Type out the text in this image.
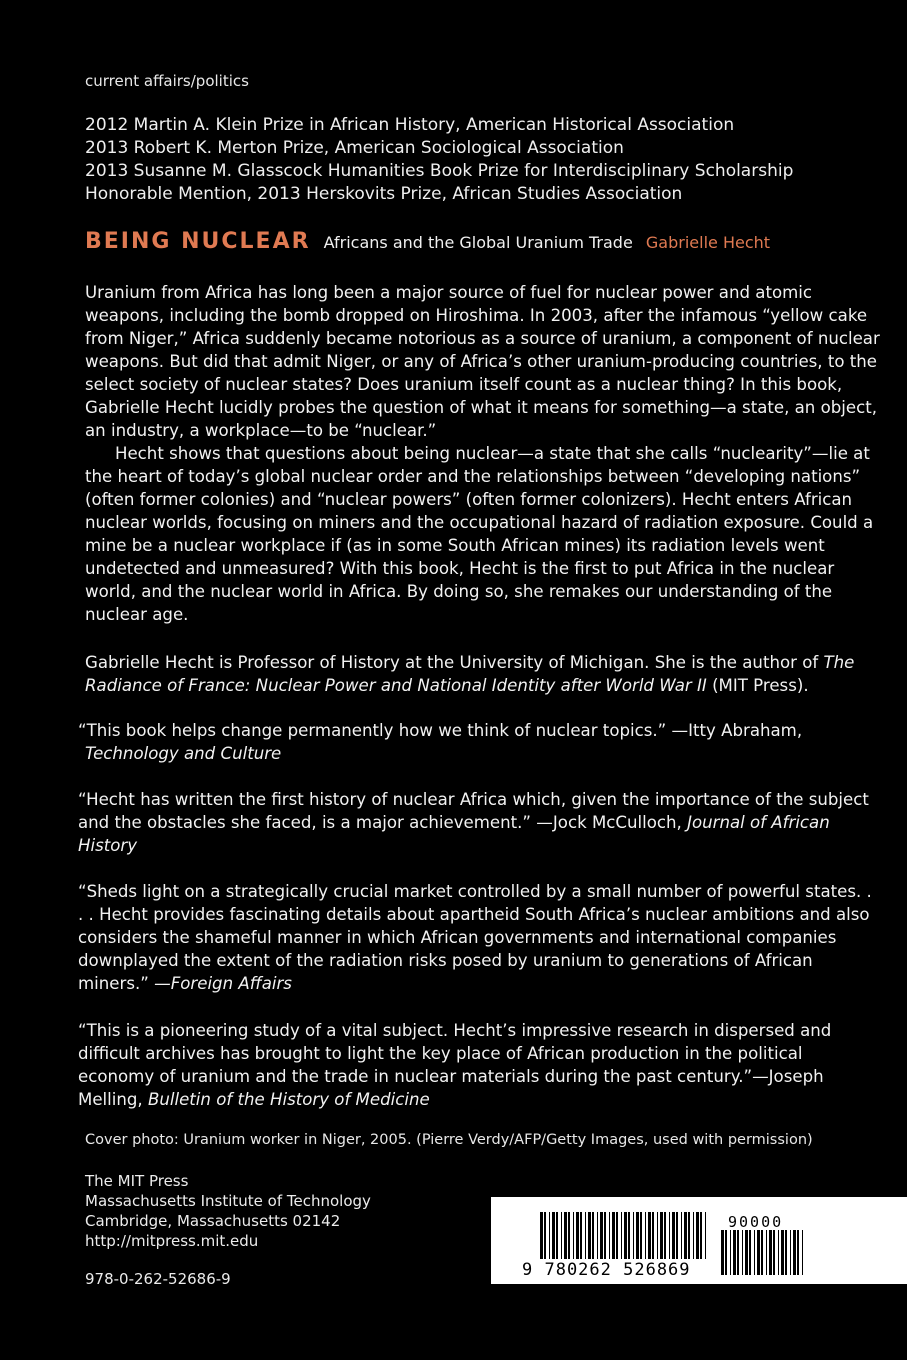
current affairs/politics
2012 Martin A. Klein Prize in African History, American Historical Association
2013 Robert K. Merton Prize, American Sociological Association
2013 Susanne M. Glasscock Humanities Book Prize for Interdisciplinary Scholarship
Honorable Mention, 2013 Herskovits Prize, African Studies Association
BEING NUCLEAR Africans and the Global Uranium Trade Gabrielle Hecht

Uranium from Africa has long been a major source of fuel for nuclear power and atomic weapons, including the bomb dropped on Hiroshima. In 2003, after the infamous “yellow cake from Niger,” Africa suddenly became notorious as a source of uranium, a component of nuclear weapons. But did that admit Niger, or any of Africa’s other uranium-producing countries, to the select society of nuclear states? Does uranium itself count as a nuclear thing? In this book, Gabrielle Hecht lucidly probes the question of what it means for something—a state, an object, an industry, a workplace—to be “nuclear.”

Hecht shows that questions about being nuclear—a state that she calls “nuclearity”—lie at the heart of today’s global nuclear order and the relationships between “developing nations” (often former colonies) and “nuclear powers” (often former colonizers). Hecht enters African nuclear worlds, focusing on miners and the occupational hazard of radiation exposure. Could a mine be a nuclear workplace if (as in some South African mines) its radiation levels went undetected and unmeasured? With this book, Hecht is the first to put Africa in the nuclear world, and the nuclear world in Africa. By doing so, she remakes our understanding of the nuclear age.

Gabrielle Hecht is Professor of History at the University of Michigan. She is the author of The Radiance of France: Nuclear Power and National Identity after World War II (MIT Press).
“This book helps change permanently how we think of nuclear topics.” —Itty Abraham, Technology and Culture
“Hecht has written the first history of nuclear Africa which, given the importance of the subject and the obstacles she faced, is a major achievement.” —Jock McCulloch, Journal of African History
“Sheds light on a strategically crucial market controlled by a small number of powerful states. . . . Hecht provides fascinating details about apartheid South Africa’s nuclear ambitions and also considers the shameful manner in which African governments and international companies downplayed the extent of the radiation risks posed by uranium to generations of African miners.” —Foreign Affairs
“This is a pioneering study of a vital subject. Hecht’s impressive research in dispersed and difficult archives has brought to light the key place of African production in the political economy of uranium and the trade in nuclear materials during the past century.”—Joseph Melling, Bulletin of the History of Medicine
Cover photo: Uranium worker in Niger, 2005. (Pierre Verdy/AFP/Getty Images, used with permission)
The MIT Press
Massachusetts Institute of Technology
Cambridge, Massachusetts 02142
http://mitpress.mit.edu
978-0-262-52686-9	9 780262 526869
90000
